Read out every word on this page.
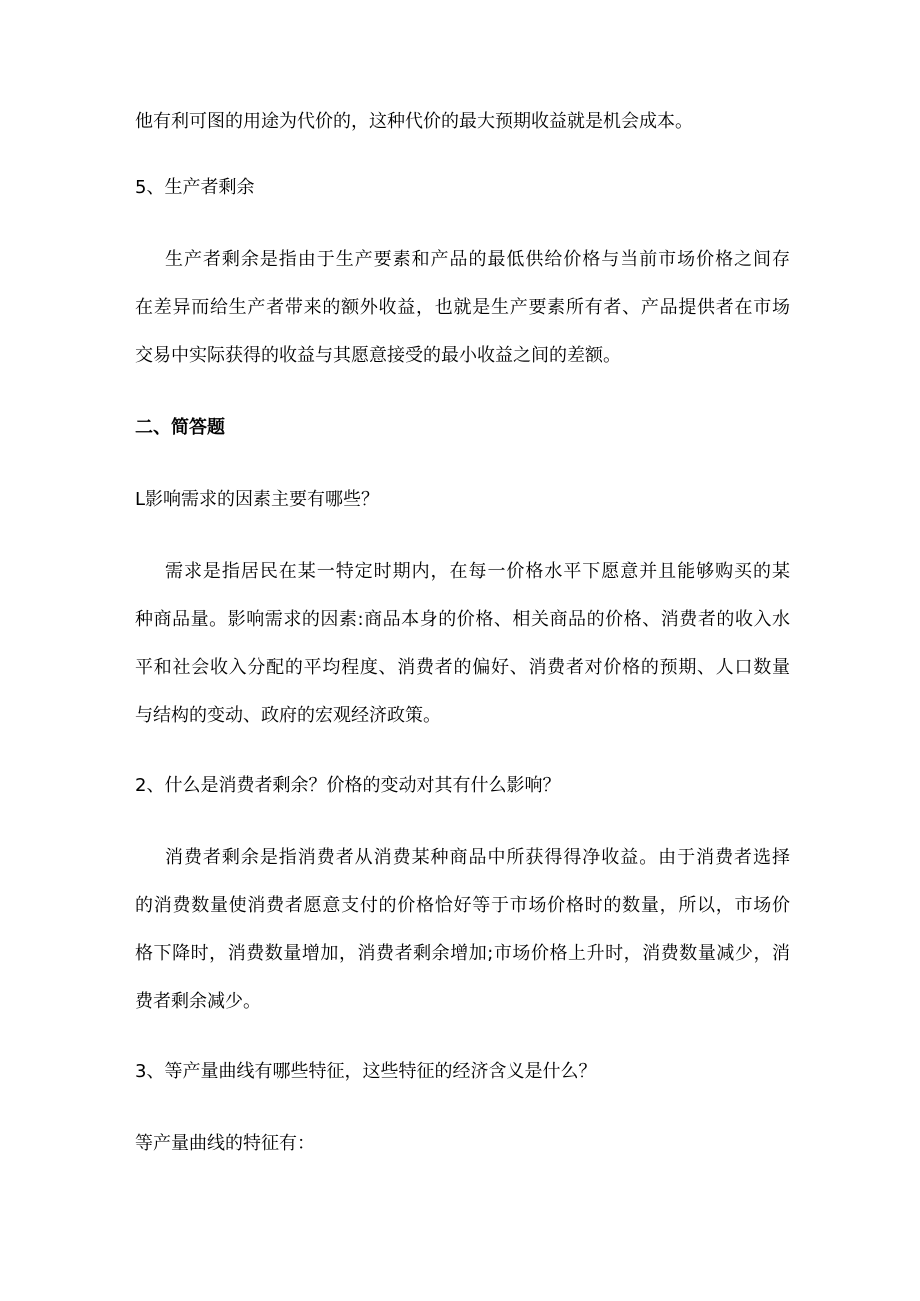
他有利可图的用途为代价的，这种代价的最大预期收益就是机会成本。

5、生产者剩余

生产者剩余是指由于生产要素和产品的最低供给价格与当前市场价格之间存

在差异而给生产者带来的额外收益，也就是生产要素所有者、产品提供者在市场

交易中实际获得的收益与其愿意接受的最小收益之间的差额。

二、简答题

L影响需求的因素主要有哪些？

需求是指居民在某一特定时期内，在每一价格水平下愿意并且能够购买的某

种商品量。影响需求的因素:商品本身的价格、相关商品的价格、消费者的收入水

平和社会收入分配的平均程度、消费者的偏好、消费者对价格的预期、人口数量

与结构的变动、政府的宏观经济政策。

2、什么是消费者剩余？价格的变动对其有什么影响？

消费者剩余是指消费者从消费某种商品中所获得得净收益。由于消费者选择

的消费数量使消费者愿意支付的价格恰好等于市场价格时的数量，所以，市场价

格下降时，消费数量增加，消费者剩余增加;市场价格上升时，消费数量减少，消

费者剩余减少。

3、等产量曲线有哪些特征，这些特征的经济含义是什么？

等产量曲线的特征有：
